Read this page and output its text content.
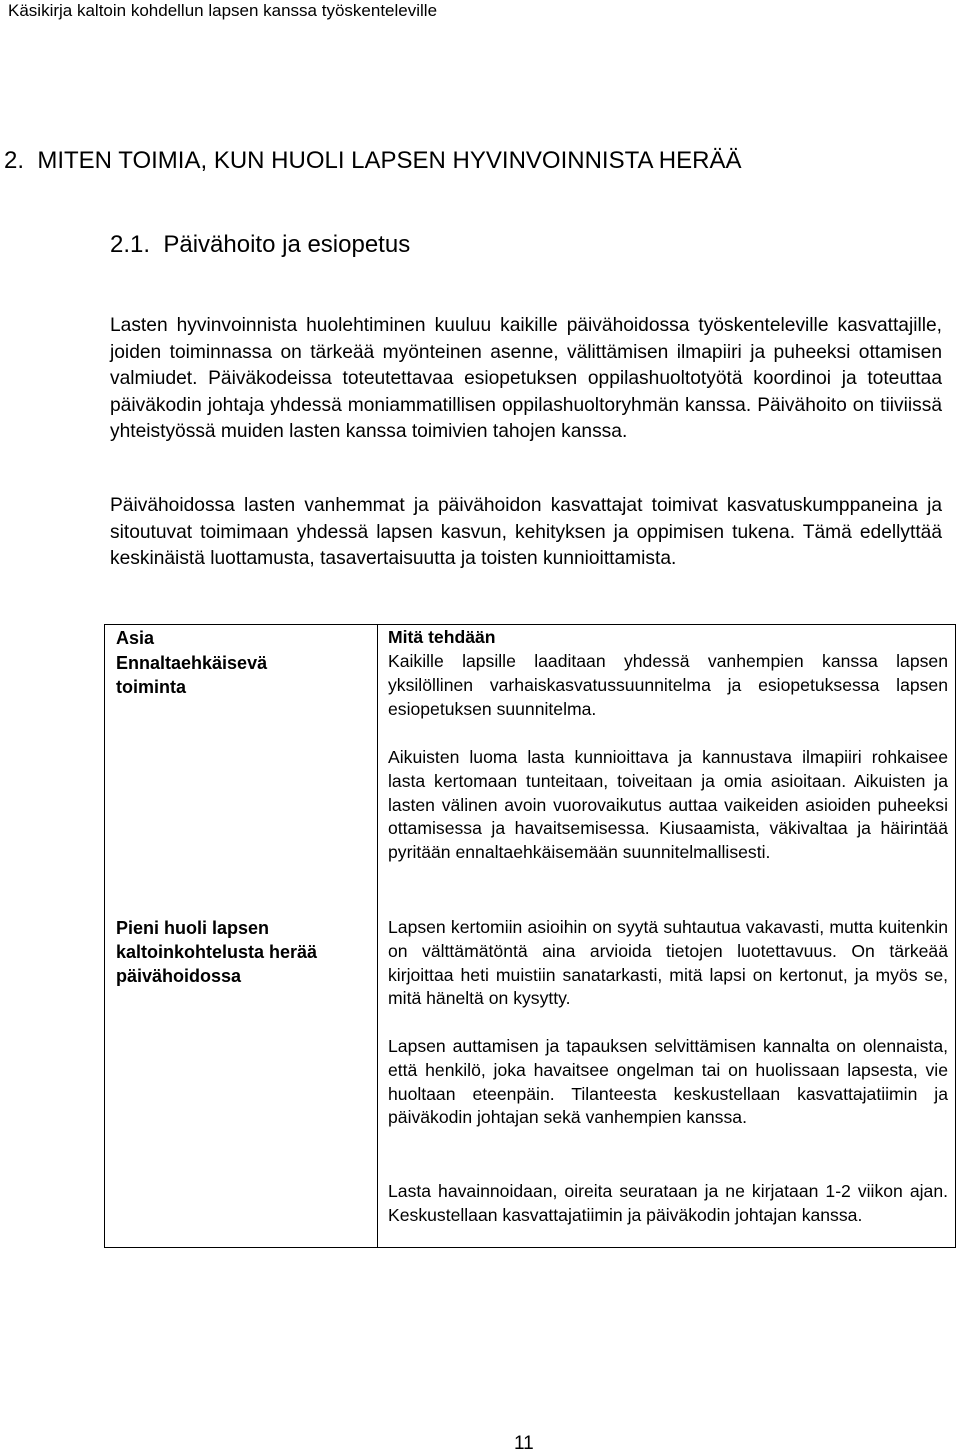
Käsikirja kaltoin kohdellun lapsen kanssa työskenteleville
2.  MITEN TOIMIA, KUN HUOLI LAPSEN HYVINVOINNISTA HERÄÄ
2.1.  Päivähoito ja esiopetus

Lasten hyvinvoinnista huolehtiminen kuuluu kaikille päivähoidossa työskenteleville kasvattajille, joiden toiminnassa on tärkeää myönteinen asenne, välittämisen ilmapiiri ja puheeksi ottamisen valmiudet. Päiväkodeissa toteutettavaa esiopetuksen oppilashuoltotyötä koordinoi ja toteuttaa päiväkodin johtaja yhdessä moniammatillisen oppilashuoltoryhmän kanssa. Päivähoito on tiiviissä yhteistyössä muiden lasten kanssa toimivien tahojen kanssa.

Päivähoidossa lasten vanhemmat ja päivähoidon kasvattajat toimivat kasvatuskumppaneina ja sitoutuvat toimimaan yhdessä lapsen kasvun, kehityksen ja oppimisen tukena. Tämä edellyttää keskinäistä luottamusta, tasavertaisuutta ja toisten kunnioittamista.

Asia	Mitä tehdään
Ennaltaehkäisevä toiminta
Kaikille lapsille laaditaan yhdessä vanhempien kanssa lapsen yksilöllinen varhaiskasvatussuunnitelma ja esiopetuksessa lapsen esiopetuksen suunnitelma.
Aikuisten luoma lasta kunnioittava ja kannustava ilmapiiri rohkaisee lasta kertomaan tunteitaan, toiveitaan ja omia asioitaan. Aikuisten ja lasten välinen avoin vuorovaikutus auttaa vaikeiden asioiden puheeksi ottamisessa ja havaitsemisessa. Kiusaamista, väkivaltaa ja häirintää pyritään ennaltaehkäisemään suunnitelmallisesti.
Pieni huoli lapsen kaltoinkohtelusta herää päivähoidossa
Lapsen kertomiin asioihin on syytä suhtautua vakavasti, mutta kuitenkin on välttämätöntä aina arvioida tietojen luotettavuus. On tärkeää kirjoittaa heti muistiin sanatarkasti, mitä lapsi on kertonut, ja myös se, mitä häneltä on kysytty.
Lapsen auttamisen ja tapauksen selvittämisen kannalta on olennaista, että henkilö, joka havaitsee ongelman tai on huolissaan lapsesta, vie huoltaan eteenpäin. Tilanteesta keskustellaan kasvattajatiimin ja päiväkodin johtajan sekä vanhempien kanssa.
Lasta havainnoidaan, oireita seurataan ja ne kirjataan 1-2 viikon ajan. Keskustellaan kasvattajatiimin ja päiväkodin johtajan kanssa.
11
